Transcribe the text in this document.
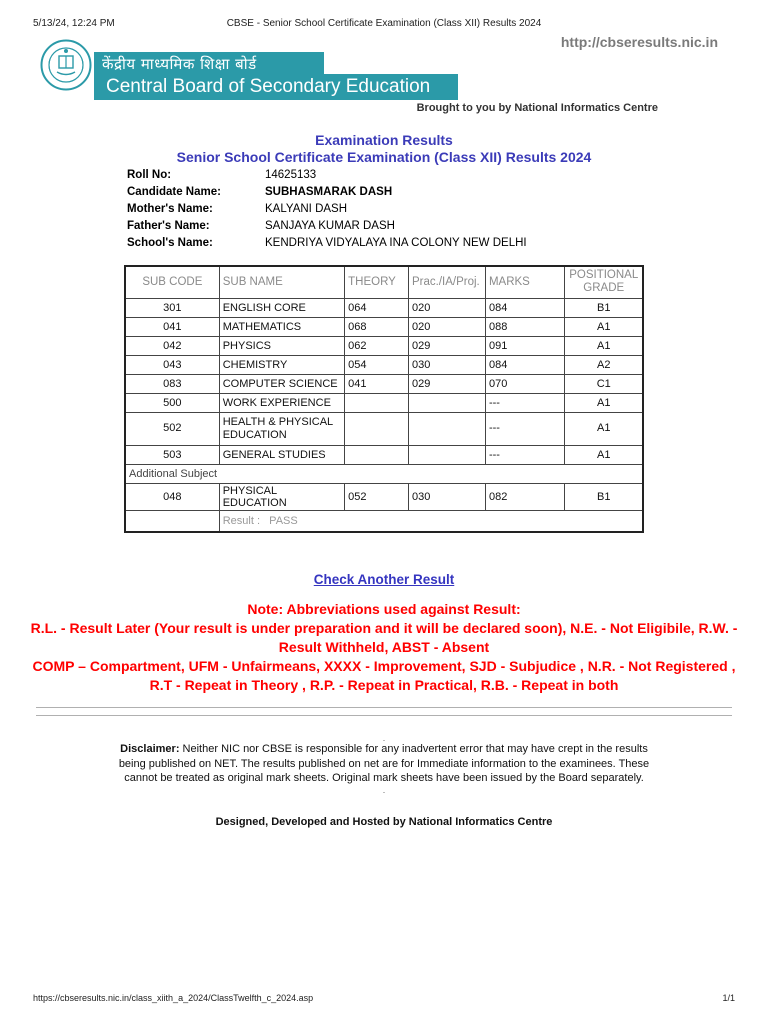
5/13/24, 12:24 PM	CBSE - Senior School Certificate Examination (Class XII) Results 2024
http://cbseresults.nic.in
केंद्रीय माध्यमिक शिक्षा बोर्ड
Central Board of Secondary Education
Brought to you by National Informatics Centre
Examination Results
Senior School Certificate Examination (Class XII) Results 2024
Roll No:	14625133
Candidate Name:	SUBHASMARAK DASH
Mother's Name:	KALYANI DASH
Father's Name:	SANJAYA KUMAR DASH
School's Name:	KENDRIYA VIDYALAYA INA COLONY NEW DELHI
SUB CODE	SUB NAME	THEORY	Prac./IA/Proj.	MARKS	POSITIONAL GRADE
301	ENGLISH CORE	064	020	084	B1
041	MATHEMATICS	068	020	088	A1
042	PHYSICS	062	029	091	A1
043	CHEMISTRY	054	030	084	A2
083	COMPUTER SCIENCE	041	029	070	C1
500	WORK EXPERIENCE			---	A1
502	HEALTH & PHYSICAL EDUCATION			---	A1
503	GENERAL STUDIES			---	A1
Additional Subject					
048	PHYSICAL EDUCATION	052	030	082	B1
	Result :   PASS				
Check Another Result
Note: Abbreviations used against Result:
R.L. - Result Later (Your result is under preparation and it will be declared soon), N.E. - Not Eligibile, R.W. - Result Withheld, ABST - Absent
COMP – Compartment, UFM - Unfairmeans, XXXX - Improvement, SJD - Subjudice , N.R. - Not Registered , R.T - Repeat in Theory , R.P. - Repeat in Practical, R.B. - Repeat in both
.
Disclaimer: Neither NIC nor CBSE is responsible for any inadvertent error that may have crept in the results being published on NET. The results published on net are for Immediate information to the examinees. These cannot be treated as original mark sheets. Original mark sheets have been issued by the Board separately.
.
Designed, Developed and Hosted by National Informatics Centre
https://cbseresults.nic.in/class_xiith_a_2024/ClassTwelfth_c_2024.asp	1/1
